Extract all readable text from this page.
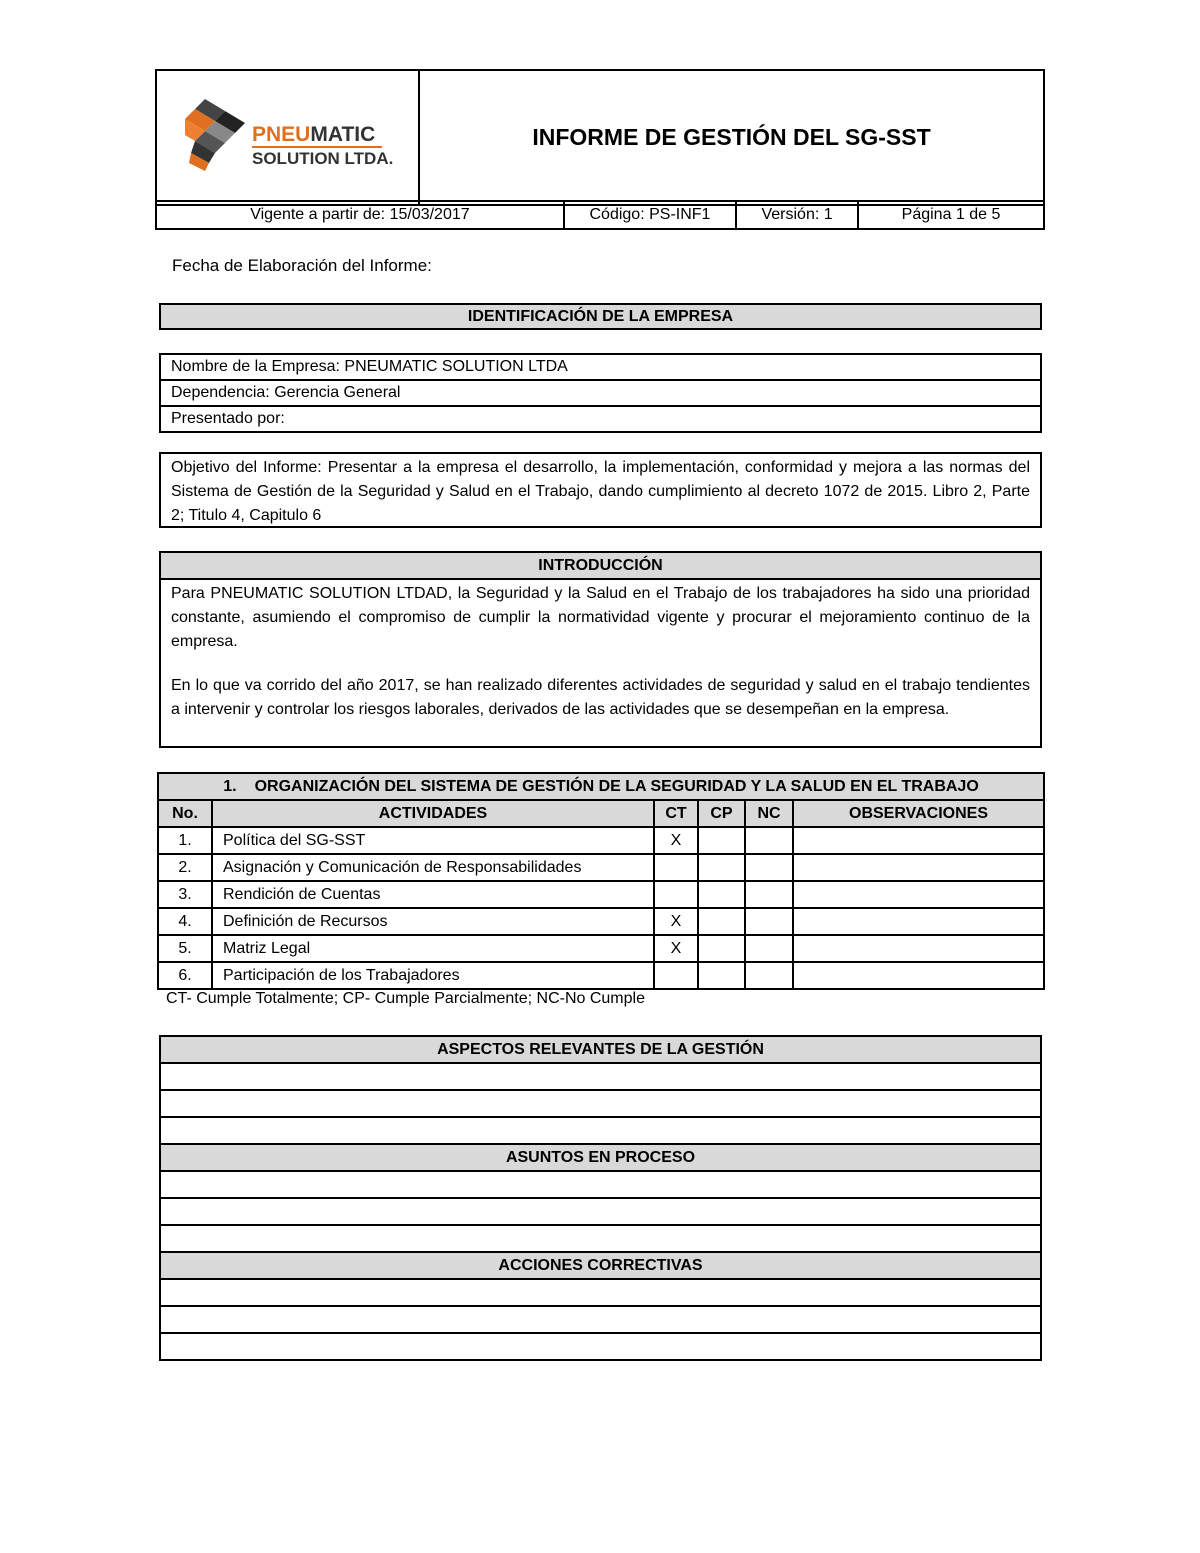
PNEUMATIC
SOLUTION LTDA.
	INFORME DE GESTIÓN DEL SG-SST
Vigente a partir de: 15/03/2017	Código: PS-INF1	Versión: 1	Página 1 de 5
Fecha de Elaboración del Informe:
IDENTIFICACIÓN DE LA EMPRESA
Nombre de la Empresa: PNEUMATIC SOLUTION LTDA
Dependencia: Gerencia General
Presentado por:
Objetivo del Informe: Presentar a la empresa el desarrollo, la implementación, conformidad y mejora a las normas del Sistema de Gestión de la Seguridad y Salud en el Trabajo, dando cumplimiento al decreto 1072 de 2015. Libro 2, Parte 2; Titulo 4, Capitulo 6
INTRODUCCIÓN
Para PNEUMATIC SOLUTION LTDAD, la Seguridad y la Salud en el Trabajo de los trabajadores ha sido una prioridad constante, asumiendo el compromiso de cumplir la normatividad vigente y procurar el mejoramiento continuo de la empresa.
En lo que va corrido del año 2017, se han realizado diferentes actividades de seguridad y salud en el trabajo tendientes a intervenir y controlar los riesgos laborales, derivados de las actividades que se desempeñan en la empresa.
1. ORGANIZACIÓN DEL SISTEMA DE GESTIÓN DE LA SEGURIDAD Y LA SALUD EN EL TRABAJO					
No.	ACTIVIDADES	CT	CP	NC	OBSERVACIONES
1.	Política del SG-SST	X			
2.	Asignación y Comunicación de Responsabilidades				
3.	Rendición de Cuentas				
4.	Definición de Recursos	X			
5.	Matriz Legal	X			
6.	Participación de los Trabajadores				
CT- Cumple Totalmente; CP- Cumple Parcialmente; NC-No Cumple
ASPECTOS RELEVANTES DE LA GESTIÓN

ASUNTOS EN PROCESO

ACCIONES CORRECTIVAS
